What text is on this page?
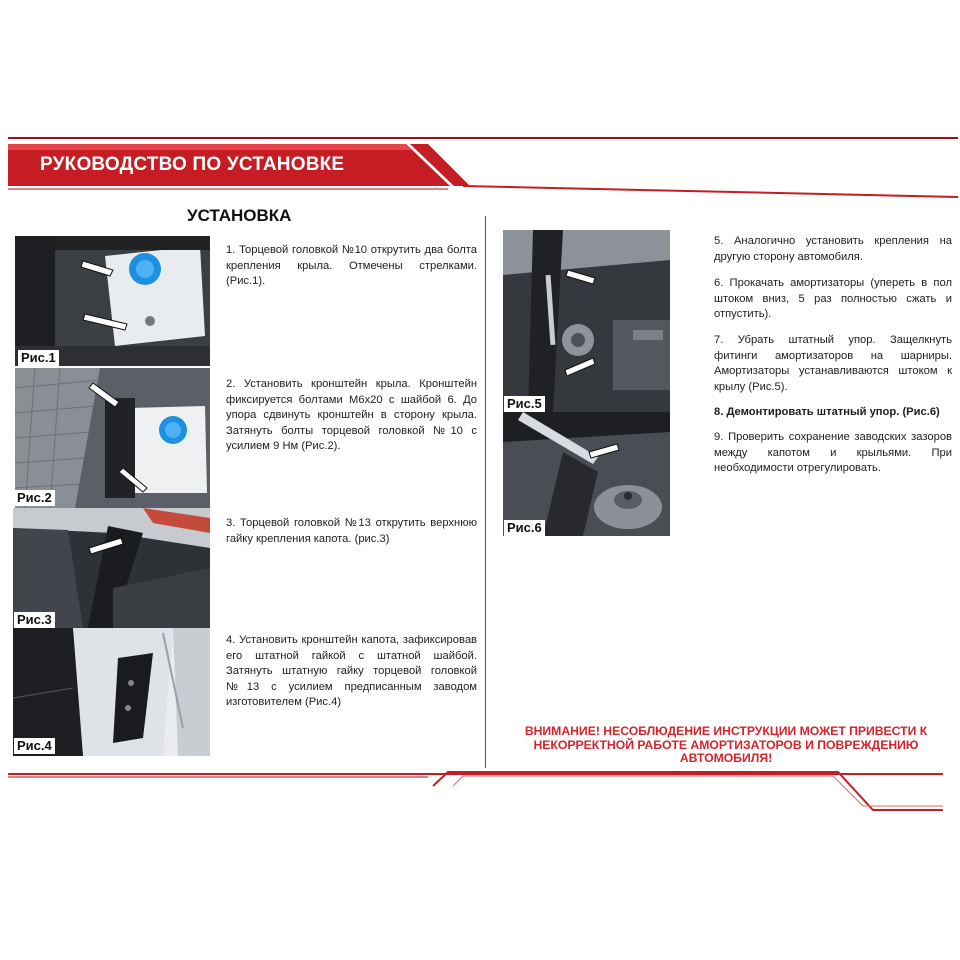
РУКОВОДСТВО ПО УСТАНОВКЕ
УСТАНОВКА
Рис.1
Рис.2
Рис.3
Рис.4
1. Торцевой головкой №10 открутить два болта крепления крыла. Отмечены стрелками. (Рис.1).
2. Установить кронштейн крыла. Кронштейн фиксируется болтами М6х20 с шайбой 6. До упора сдвинуть кронштейн в сторону крыла. Затянуть болты торцевой головкой №10 с усилием 9 Нм (Рис.2).
3. Торцевой головкой №13 открутить верхнюю гайку крепления капота. (рис.3)
4. Установить кронштейн капота, зафиксировав его штатной гайкой с штатной шайбой. Затянуть штатную гайку торцевой головкой №13 с усилием предписанным заводом изготовителем (Рис.4)
Рис.5
Рис.6
5. Аналогично установить крепления на другую сторону автомобиля.
6. Прокачать амортизаторы (упереть в пол штоком вниз, 5 раз полностью сжать и отпустить).
7. Убрать штатный упор. Защелкнуть фитинги амортизаторов на шарниры. Амортизаторы устанавливаются штоком к крылу (Рис.5).
8. Демонтировать штатный упор. (Рис.6)
9. Проверить сохранение заводских зазоров между капотом и крыльями. При необходимости отрегулировать.
ВНИМАНИЕ! НЕСОБЛЮДЕНИЕ ИНСТРУКЦИИ МОЖЕТ ПРИВЕСТИ К НЕКОРРЕКТНОЙ РАБОТЕ АМОРТИЗАТОРОВ И ПОВРЕЖДЕНИЮ АВТОМОБИЛЯ!
